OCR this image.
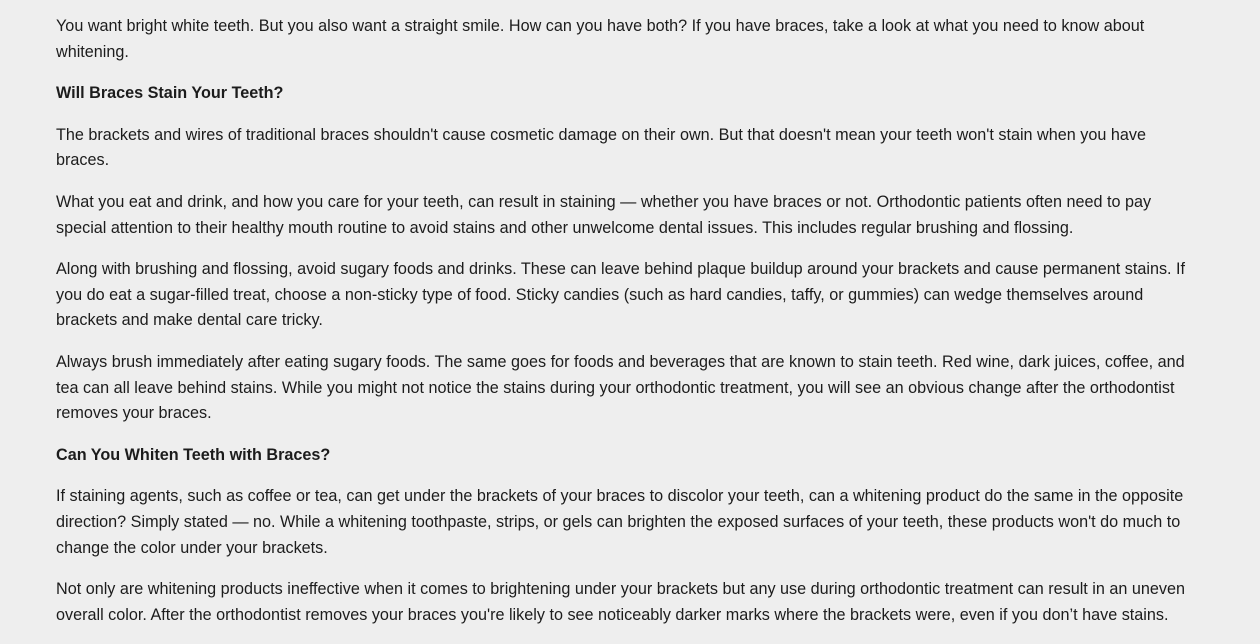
You want bright white teeth. But you also want a straight smile. How can you have both? If you have braces, take a look at what you need to know about whitening.

Will Braces Stain Your Teeth?

The brackets and wires of traditional braces shouldn't cause cosmetic damage on their own. But that doesn't mean your teeth won't stain when you have braces.

What you eat and drink, and how you care for your teeth, can result in staining — whether you have braces or not. Orthodontic patients often need to pay special attention to their healthy mouth routine to avoid stains and other unwelcome dental issues. This includes regular brushing and flossing.

Along with brushing and flossing, avoid sugary foods and drinks. These can leave behind plaque buildup around your brackets and cause permanent stains. If you do eat a sugar-filled treat, choose a non-sticky type of food. Sticky candies (such as hard candies, taffy, or gummies) can wedge themselves around brackets and make dental care tricky.

Always brush immediately after eating sugary foods. The same goes for foods and beverages that are known to stain teeth. Red wine, dark juices, coffee, and tea can all leave behind stains. While you might not notice the stains during your orthodontic treatment, you will see an obvious change after the orthodontist removes your braces.

Can You Whiten Teeth with Braces?

If staining agents, such as coffee or tea, can get under the brackets of your braces to discolor your teeth, can a whitening product do the same in the opposite direction? Simply stated — no. While a whitening toothpaste, strips, or gels can brighten the exposed surfaces of your teeth, these products won't do much to change the color under your brackets.

Not only are whitening products ineffective when it comes to brightening under your brackets but any use during orthodontic treatment can result in an uneven overall color. After the orthodontist removes your braces you're likely to see noticeably darker marks where the brackets were, even if you don’t have stains.
